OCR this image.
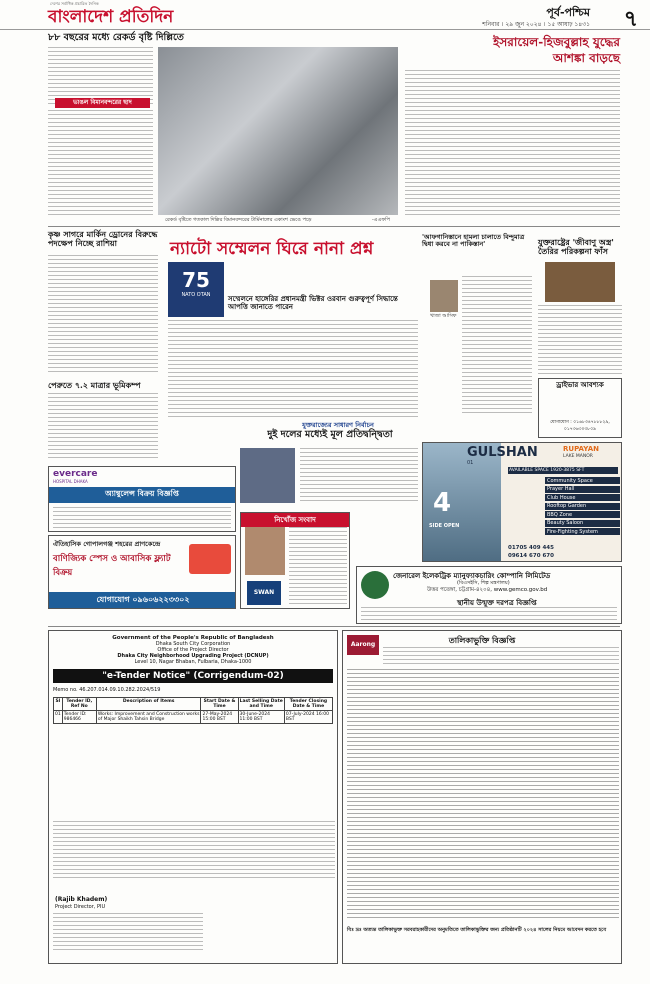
দেশের সর্বাধিক প্রচারিত দৈনিক
বাংলাদেশ প্রতিদিন	পূর্ব-পশ্চিম
শনিবার । ২৯ জুন ২০২৪ । ১৫ আষাঢ় ১৪৩১ ৭
৮৮ বছরের মধ্যে রেকর্ড বৃষ্টি দিল্লিতে
ভাঙল বিমানবন্দরের ছাদ
রেকর্ড বৃষ্টিতে গতকাল দিল্লির বিমানবন্দরের টার্মিনালের একাংশ ভেঙে পড়ে	-এএফপি
ইসরায়েল-হিজবুল্লাহ যুদ্ধের
আশঙ্কা বাড়ছে
কৃষ্ণ সাগরে মার্কিন ড্রোনের বিরুদ্ধে পদক্ষেপ নিচ্ছে রাশিয়া	ন্যাটো সম্মেলন ঘিরে নানা প্রশ্ন
75
NATO OTAN	সম্মেলনে হাঙ্গেরির প্রধানমন্ত্রী ভিক্টর ওরবান গুরুত্বপূর্ণ সিদ্ধান্তে আপত্তি জানাতে পারেন
'আফগানিস্তানে হামলা চালাতে বিন্দুমাত্র দ্বিধা করবে না পাকিস্তান'
খাজা আসিফ
যুক্তরাষ্ট্রের 'জীবাণু অস্ত্র' তৈরির পরিকল্পনা ফাঁস
ড্রাইভার আবশ্যক
যোগাযোগ : ০১৬৮৩৪৭৮৮৮২৯, ০১৭৩৬৩০৩৮০৯
পেরুতে ৭.২ মাত্রার ভূমিকম্প
যুক্তরাজ্যের সাধারণ নির্বাচন
দুই দলের মধ্যেই মূল প্রতিদ্বন্দ্বিতা
evercare
HOSPITAL DHAKA
অ্যাম্বুলেন্স বিক্রয় বিজ্ঞপ্তি
GULSHAN
01
RUPAYAN
LAKE MANOR
AVAILABLE SPACE 1920-3875 SFT
4
SIDE OPEN
Community Space
Prayer Hall
Club House
Rooftop Garden
BBQ Zone
Beauty Saloon
Fire-Fighting System
01705 409 445
09614 670 670
ঐতিহাসিক গোপালগঞ্জ শহরের প্রাণকেন্দ্রে
বাণিজ্যিক স্পেস ও আবাসিক ফ্ল্যাট বিক্রয়
যোগাযোগ ০৯৬০৬২২৩৩০২
নিখোঁজ সংবাদ
SWAN
জেনারেল ইলেকট্রিক ম্যানুফ্যাকচারিং কোম্পানি লিমিটেড
(বিএসইসি, শিল্প মন্ত্রণালয়)
উত্তর পতেঙ্গা, চট্টগ্রাম-৪২০৪, www.gemco.gov.bd
স্থানীয় উন্মুক্ত দরপত্র বিজ্ঞপ্তি
Government of the People's Republic of Bangladesh
Dhaka South City Corporation
Office of the Project Director
Dhaka City Neighborhood Upgrading Project (DCNUP)
Level 10, Nagar Bhaban, Fulbaria, Dhaka-1000
"e-Tender Notice" (Corrigendum-02)
Memo no. 46.207.014.09.10.282.2024/519
Sl	Tender ID, Ref No	Description of Items	Start Date & Time	Last Selling Date and Time	Tender Closing Date & Time
01	Tender ID: 986466	Works: Improvement and Construction works of Major Shaikh Tahsin Bridge	27-May-2024 15:00 BST	30-June-2024 11:00 BST	07-July-2024 16:00 BST
(Rajib Khadem)
Project Director, PIU
Aarong	তালিকাভুক্তি বিজ্ঞপ্তি
বিঃ দ্রঃ অত্যন্ত তালিকাভুক্ত সরবরাহকারীদের অনুমতিতে তালিকাভুক্তির জন্য প্রতিষ্ঠানটি ২০২৪ সালের নিয়মে আবেদন করতে হবে
